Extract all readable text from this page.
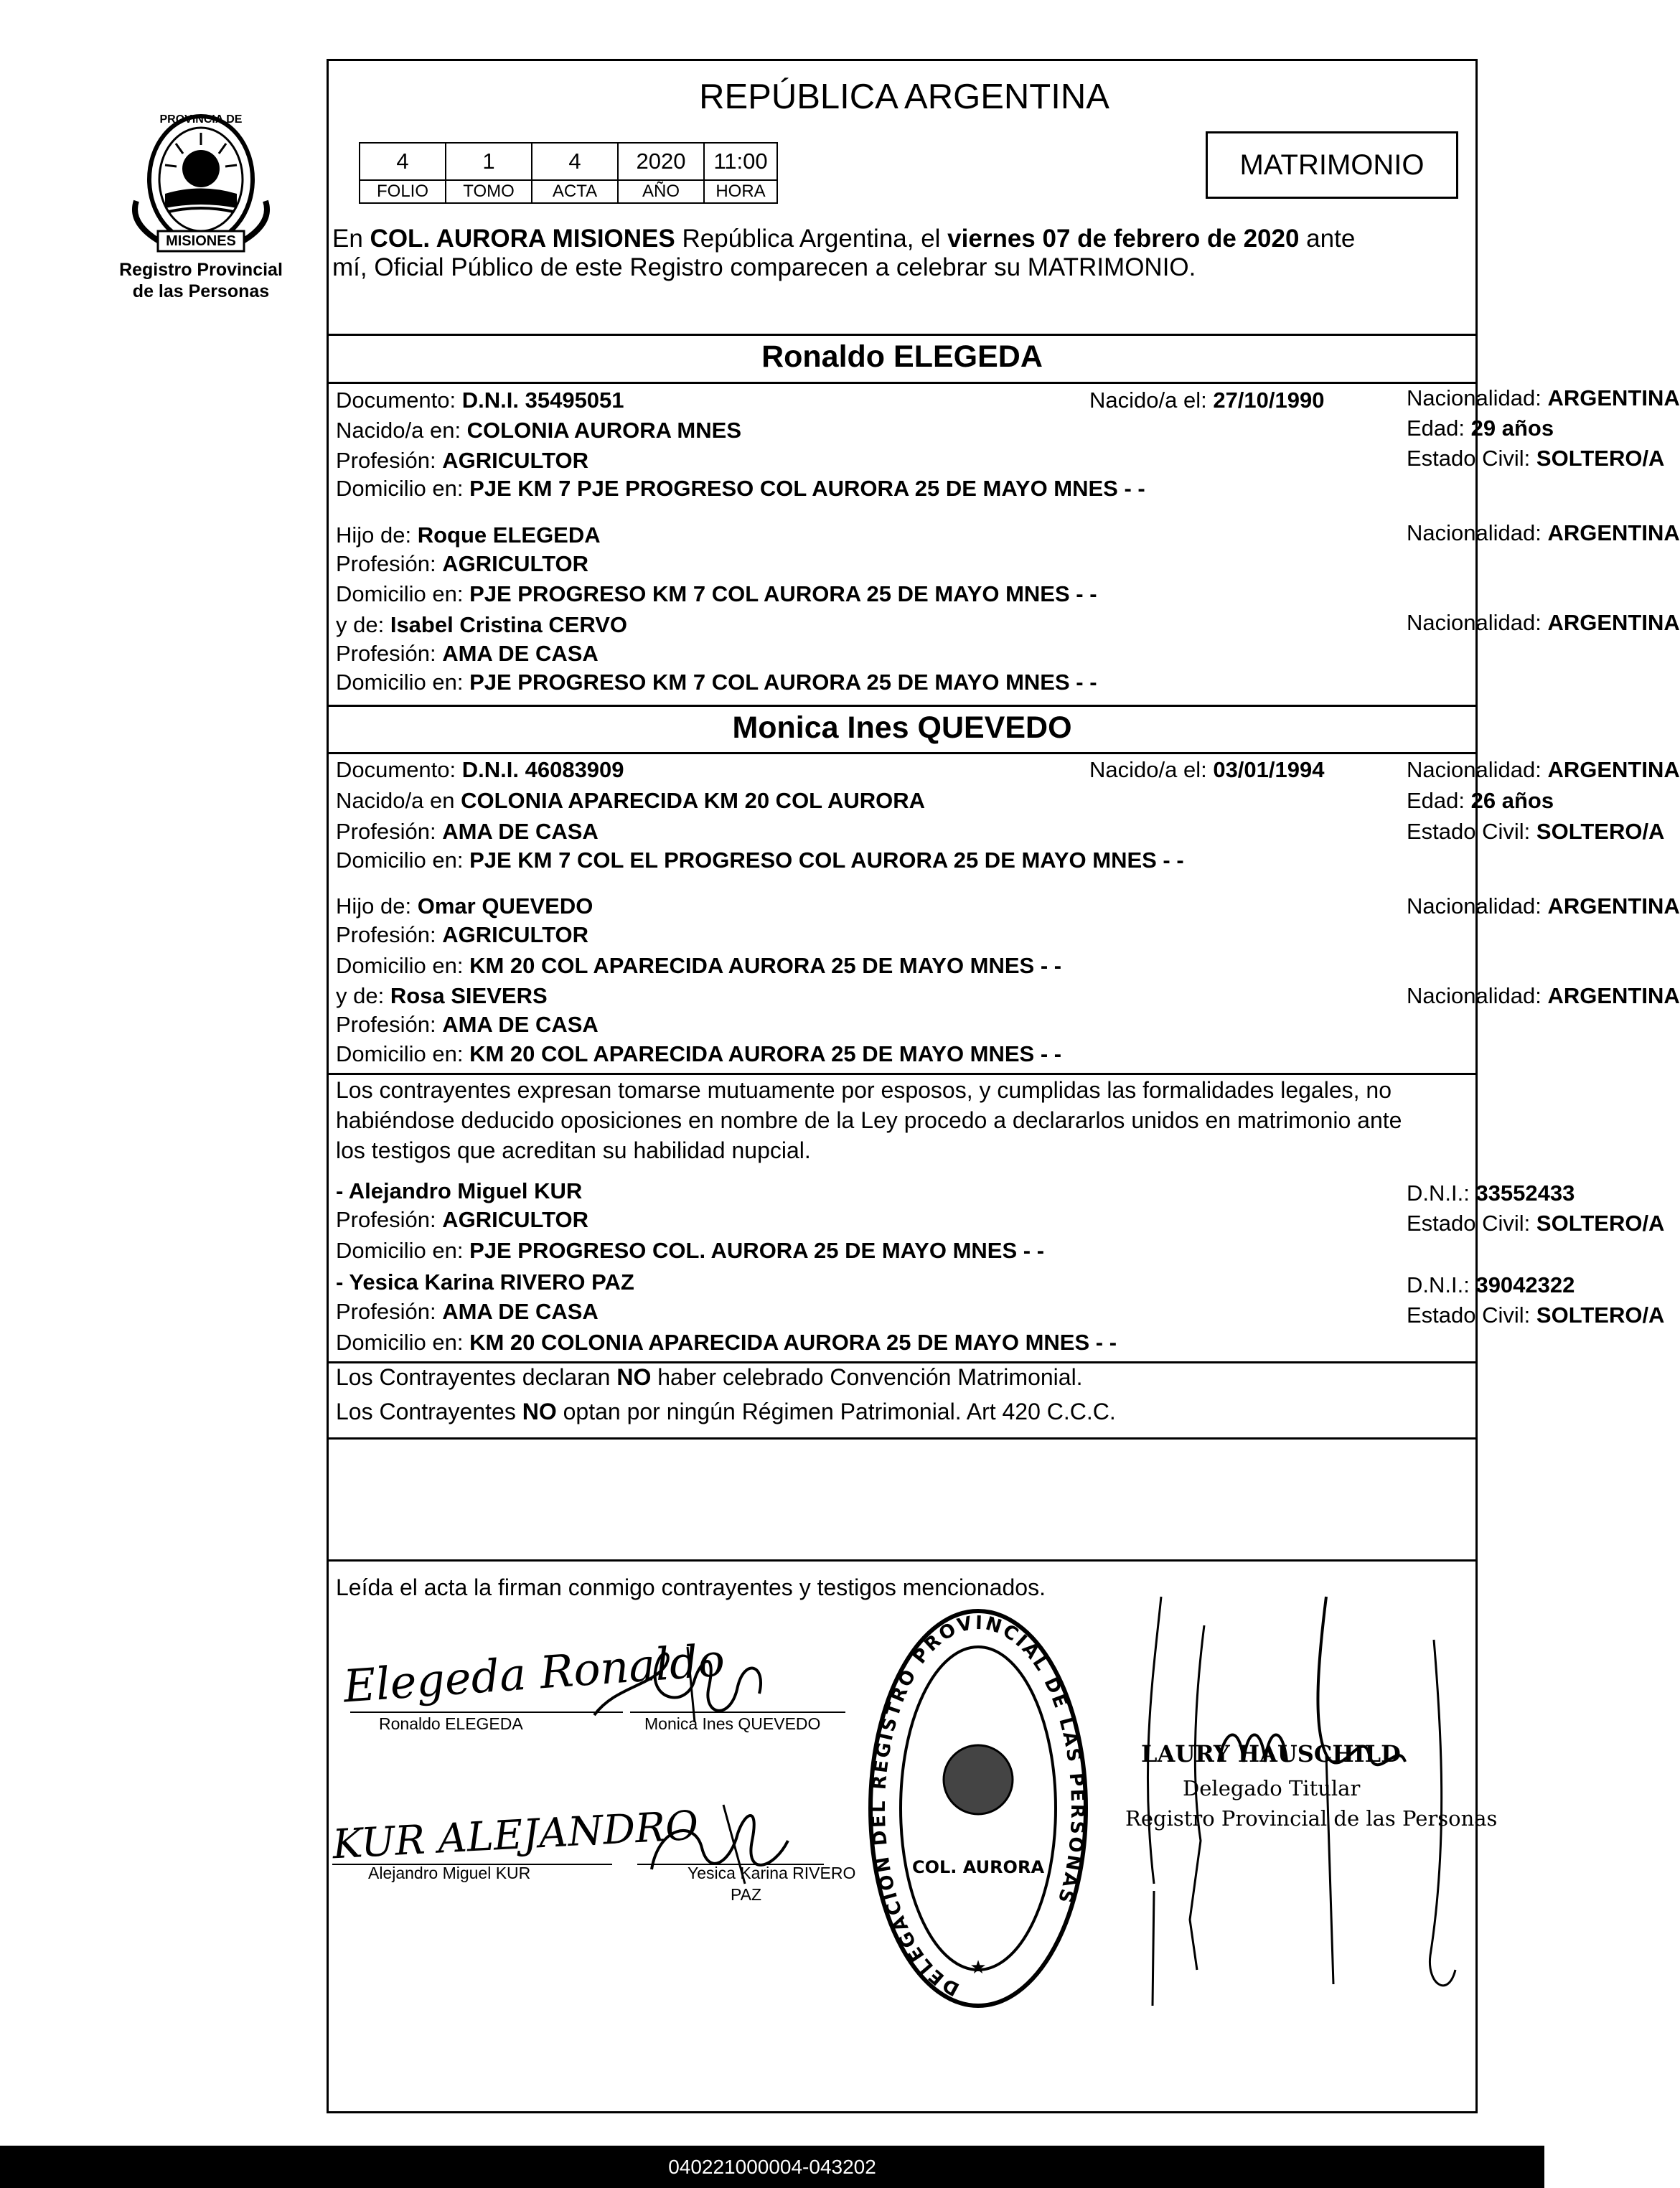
PROVINCIA DE
MISIONES
Registro Provincial
de las Personas
REPÚBLICA ARGENTINA
4	1	4	2020	11:00
FOLIO	TOMO	ACTA	AÑO	HORA
MATRIMONIO
En COL. AURORA MISIONES República Argentina, el viernes 07 de febrero de 2020 ante
mí, Oficial Público de este Registro comparecen a celebrar su MATRIMONIO.
Ronaldo ELEGEDA
Documento: D.N.I. 35495051	Nacido/a el: 27/10/1990	Nacionalidad: ARGENTINA
Nacido/a en: COLONIA AURORA MNES	Edad: 29 años
Profesión: AGRICULTOR	Estado Civil: SOLTERO/A
Domicilio en: PJE KM 7 PJE PROGRESO COL AURORA 25 DE MAYO MNES - -
Hijo de: Roque ELEGEDA	Nacionalidad: ARGENTINA
Profesión: AGRICULTOR
Domicilio en: PJE PROGRESO KM 7 COL AURORA 25 DE MAYO MNES - -
y de: Isabel Cristina CERVO	Nacionalidad: ARGENTINA
Profesión: AMA DE CASA
Domicilio en: PJE PROGRESO KM 7 COL AURORA 25 DE MAYO MNES - -
Monica Ines QUEVEDO
Documento: D.N.I. 46083909	Nacido/a el: 03/01/1994	Nacionalidad: ARGENTINA
Nacido/a en COLONIA APARECIDA KM 20 COL AURORA	Edad: 26 años
Profesión: AMA DE CASA	Estado Civil: SOLTERO/A
Domicilio en: PJE KM 7 COL EL PROGRESO COL AURORA 25 DE MAYO MNES - -
Hijo de: Omar QUEVEDO	Nacionalidad: ARGENTINA
Profesión: AGRICULTOR
Domicilio en: KM 20 COL APARECIDA AURORA 25 DE MAYO MNES - -
y de: Rosa SIEVERS	Nacionalidad: ARGENTINA
Profesión: AMA DE CASA
Domicilio en: KM 20 COL APARECIDA AURORA 25 DE MAYO MNES - -
Los contrayentes expresan tomarse mutuamente por esposos, y cumplidas las formalidades legales, no
habiéndose deducido oposiciones en nombre de la Ley procedo a declararlos unidos en matrimonio ante
los testigos que acreditan su habilidad nupcial.
- Alejandro Miguel KUR	D.N.I.: 33552433
Profesión: AGRICULTOR	Estado Civil: SOLTERO/A
Domicilio en: PJE PROGRESO COL. AURORA 25 DE MAYO MNES - -
- Yesica Karina RIVERO PAZ	D.N.I.: 39042322
Profesión: AMA DE CASA	Estado Civil: SOLTERO/A
Domicilio en: KM 20 COLONIA APARECIDA AURORA 25 DE MAYO MNES - -
Los Contrayentes declaran NO haber celebrado Convención Matrimonial.
Los Contrayentes NO optan por ningún Régimen Patrimonial. Art 420 C.C.C.
Leída el acta la firman conmigo contrayentes y testigos mencionados.
Elegeda Ronaldo
Ronaldo ELEGEDA	Monica Ines QUEVEDO
KUR ALEJANDRO
Alejandro Miguel KUR	Yesica Karina RIVERO
PAZ
DELEGACION DEL REGISTRO PROVINCIAL DE LAS PERSONAS
COL. AURORA
★
LAURY HAUSCHILD
Delegado Titular
Registro Provincial de las Personas
040221000004-043202
